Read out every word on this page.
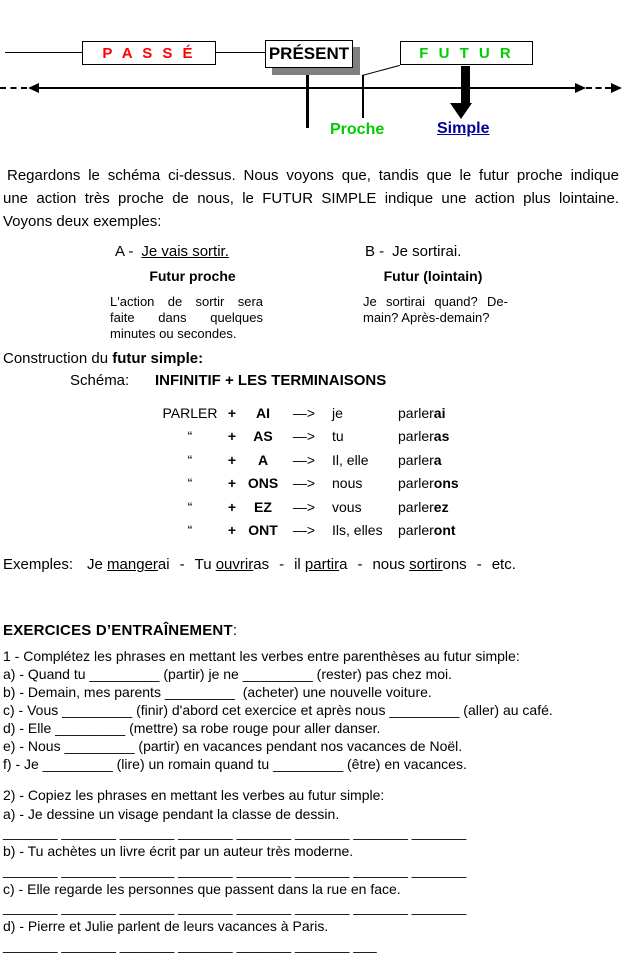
P A S S É	PRÉSENT	F U T U R
Proche	Simple
Regardons le schéma ci-dessus. Nous voyons que, tandis que le futur proche indique
une action très proche de nous, le FUTUR SIMPLE indique une action plus lointaine.
Voyons deux exemples:
A - Je vais sortir.	B - Je sortirai.
Futur proche	Futur (lointain)
L'action de sortir sera
faite dans quelques
minutes ou secondes.
Je sortirai quand? De-
main? Après-demain?
Construction du futur simple:
Schéma: INFINITIF + LES TERMINAISONS
PARLER +	AI	—>	je	parlerai
“	+	AS	—>	tu	parleras
“	+	A	—>	Il, elle	parlera
“	+ ONS	—>	nous	parlerons
“	+	EZ	—>	vous	parlerez
“	+ ONT	—>	Ils, elles	parleront
Exemples: Je mangerai - Tu ouvriras - il partira - nous sortirons - etc.
EXERCICES D’ENTRAÎNEMENT:
1 - Complétez les phrases en mettant les verbes entre parenthèses au futur simple:
a) - Quand tu _________ (partir) je ne _________ (rester) pas chez moi.
b) - Demain, mes parents _________  (acheter) une nouvelle voiture.
c) - Vous _________ (finir) d'abord cet exercice et après nous _________ (aller) au café.
d) - Elle _________ (mettre) sa robe rouge pour aller danser.
e) - Nous _________ (partir) en vacances pendant nos vacances de Noël.
f) - Je _________ (lire) un romain quand tu _________ (être) en vacances.
2) - Copiez les phrases en mettant les verbes au futur simple:
a) - Je dessine un visage pendant la classe de dessin.
_______ _______ _______ _______ _______ _______ _______ _______
b) - Tu achètes un livre écrit par un auteur très moderne.
_______ _______ _______ _______ _______ _______ _______ _______
c) - Elle regarde les personnes que passent dans la rue en face.
_______ _______ _______ _______ _______ _______ _______ _______
d) - Pierre et Julie parlent de leurs vacances à Paris.
_______ _______ _______ _______ _______ _______ ___
